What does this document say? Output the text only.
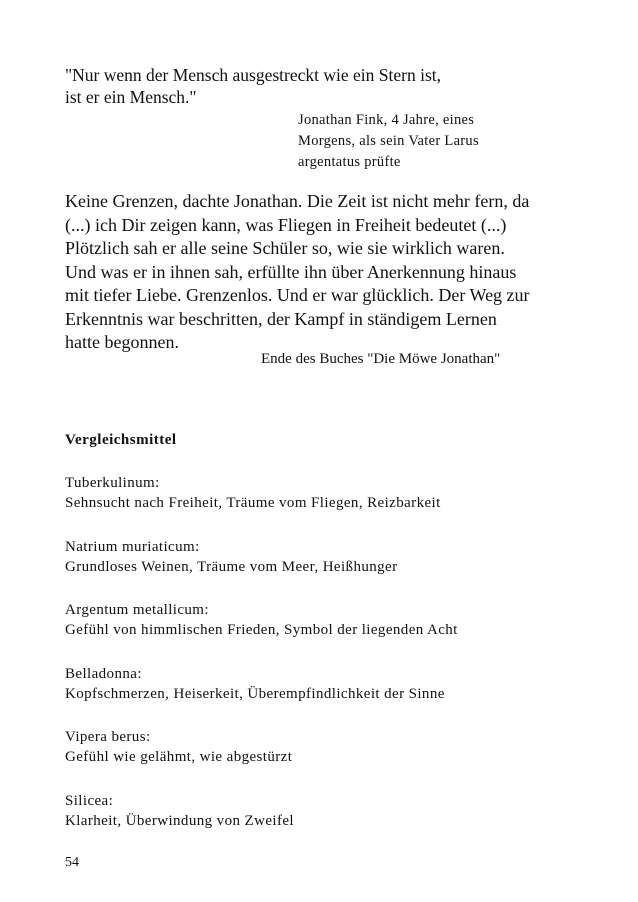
"Nur wenn der Mensch ausgestreckt wie ein Stern ist,
ist er ein Mensch."
Jonathan Fink, 4 Jahre, eines
Morgens, als sein Vater Larus
argentatus prüfte
Keine Grenzen, dachte Jonathan. Die Zeit ist nicht mehr fern, da
(...) ich Dir zeigen kann, was Fliegen in Freiheit bedeutet (...)
Plötzlich sah er alle seine Schüler so, wie sie wirklich waren.
Und was er in ihnen sah, erfüllte ihn über Anerkennung hinaus
mit tiefer Liebe. Grenzenlos. Und er war glücklich. Der Weg zur
Erkenntnis war beschritten, der Kampf in ständigem Lernen
hatte begonnen.
Ende des Buches "Die Möwe Jonathan"
Vergleichsmittel
Tuberkulinum:
Sehnsucht nach Freiheit, Träume vom Fliegen, Reizbarkeit
Natrium muriaticum:
Grundloses Weinen, Träume vom Meer, Heißhunger
Argentum metallicum:
Gefühl von himmlischen Frieden, Symbol der liegenden Acht
Belladonna:
Kopfschmerzen, Heiserkeit, Überempfindlichkeit der Sinne
Vipera berus:
Gefühl wie gelähmt, wie abgestürzt
Silicea:
Klarheit, Überwindung von Zweifel
54
